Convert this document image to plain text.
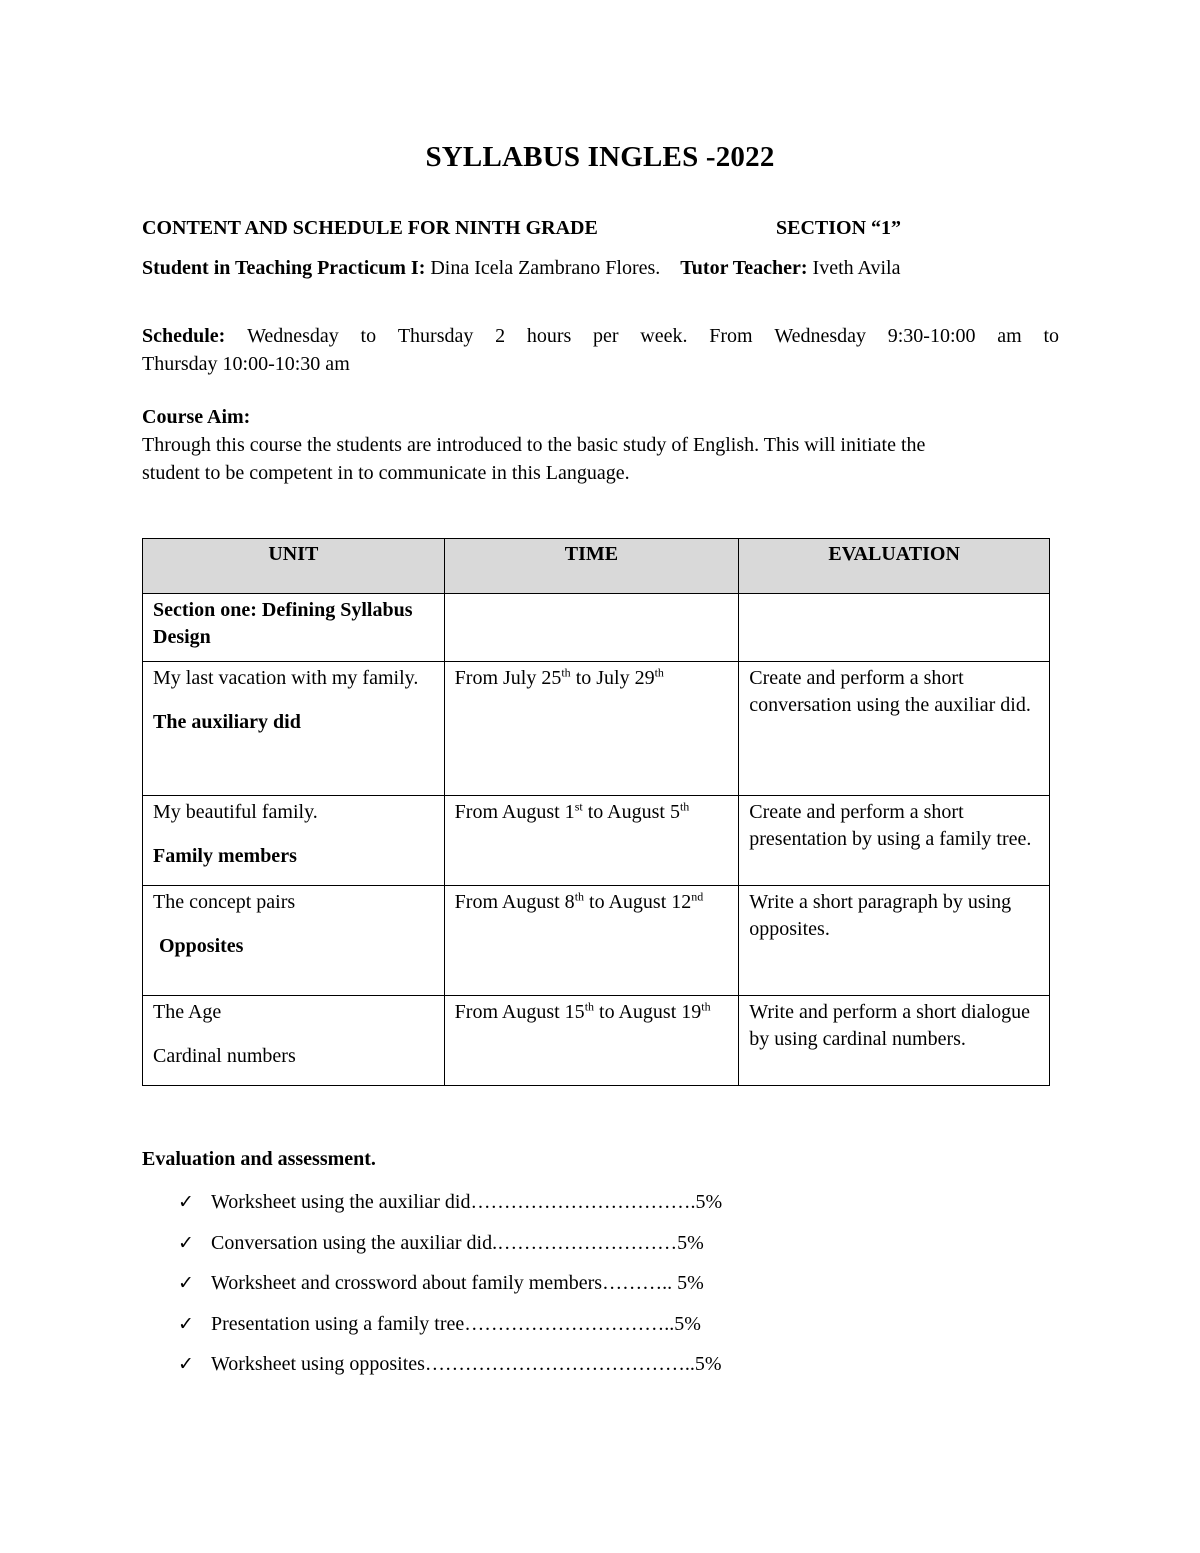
SYLLABUS INGLES -2022
CONTENT AND SCHEDULE FOR NINTH GRADE	SECTION “1”
Student in Teaching Practicum I: Dina Icela Zambrano Flores. Tutor Teacher: Iveth Avila
Schedule: Wednesday to Thursday 2 hours per week. From Wednesday 9:30-10:00 am to
Thursday 10:00-10:30 am
Course Aim:
Through this course the students are introduced to the basic study of English. This will initiate the
student to be competent in to communicate in this Language.
UNIT	TIME	EVALUATION
Section one: Defining Syllabus Design		

My last vacation with my family.

The auxiliary did	From July 25th to July 29th	Create and perform a short conversation using the auxiliar did.

My beautiful family.

Family members	From August 1st to August 5th	Create and perform a short presentation by using a family tree.

The concept pairs

Opposites	From August 8th to August 12nd	Write a short paragraph by using opposites.

The Age

Cardinal numbers	From August 15th to August 19th	Write and perform a short dialogue by using cardinal numbers.
Evaluation and assessment.
✓ Worksheet using the auxiliar did…………………………….5%
✓ Conversation using the auxiliar did.………………………5%
✓ Worksheet and crossword about family members……….. 5%
✓ Presentation using a family tree…………………………..5%
✓ Worksheet using opposites…………………………………..5%
